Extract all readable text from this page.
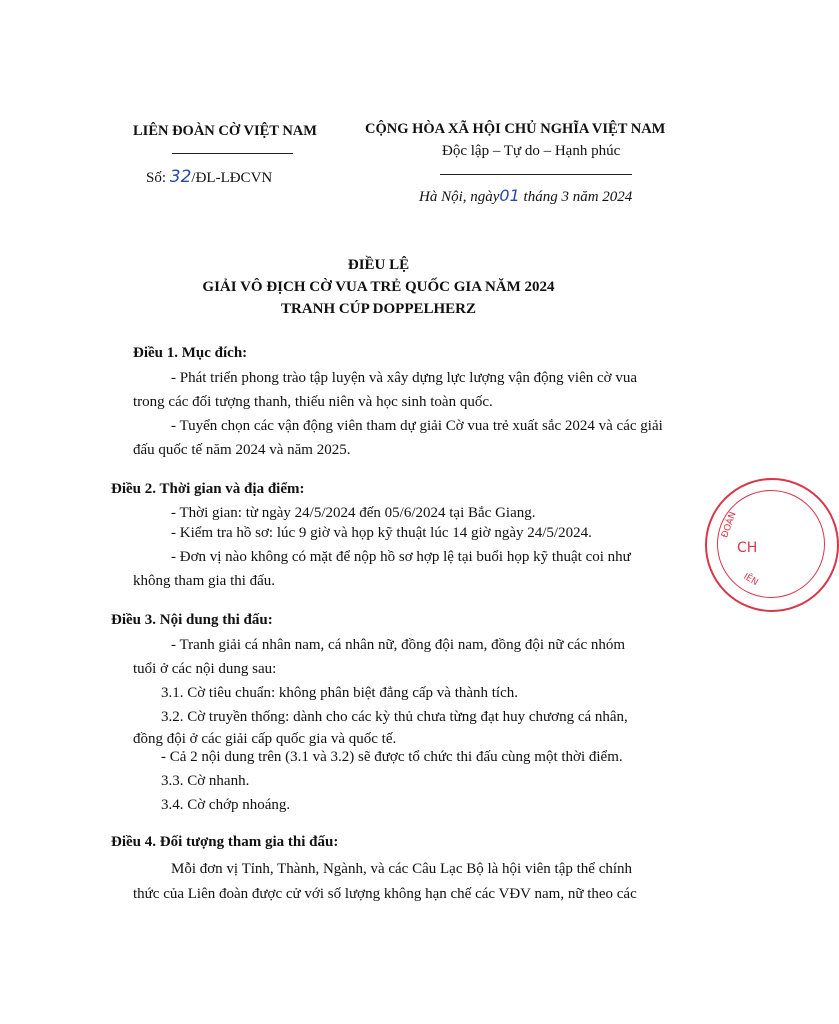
LIÊN ĐOÀN CỜ VIỆT NAM
Số: 32/ĐL-LĐCVN
CỘNG HÒA XÃ HỘI CHỦ NGHĨA VIỆT NAM
Độc lập – Tự do – Hạnh phúc
Hà Nội, ngày01 tháng 3 năm 2024
ĐIỀU LỆ
GIẢI VÔ ĐỊCH CỜ VUA TRẺ QUỐC GIA NĂM 2024
TRANH CÚP DOPPELHERZ
Điều 1. Mục đích:
- Phát triển phong trào tập luyện và xây dựng lực lượng vận động viên cờ vua
trong các đối tượng thanh, thiếu niên và học sinh toàn quốc.
- Tuyển chọn các vận động viên tham dự giải Cờ vua trẻ xuất sắc 2024 và các giải
đấu quốc tế năm 2024 và năm 2025.
Điều 2. Thời gian và địa điểm:
- Thời gian: từ ngày 24/5/2024 đến 05/6/2024 tại Bắc Giang.
- Kiểm tra hồ sơ: lúc 9 giờ và họp kỹ thuật lúc 14 giờ ngày 24/5/2024.
- Đơn vị nào không có mặt để nộp hồ sơ hợp lệ tại buổi họp kỹ thuật coi như
không tham gia thi đấu.
Điều 3. Nội dung thi đấu:
- Tranh giải cá nhân nam, cá nhân nữ, đồng đội nam, đồng đội nữ các nhóm
tuổi ở các nội dung sau:
3.1. Cờ tiêu chuẩn: không phân biệt đẳng cấp và thành tích.
3.2. Cờ truyền thống: dành cho các kỳ thủ chưa từng đạt huy chương cá nhân,
đồng đội ở các giải cấp quốc gia và quốc tế.
- Cả 2 nội dung trên (3.1 và 3.2) sẽ được tổ chức thi đấu cùng một thời điểm.
3.3. Cờ nhanh.
3.4. Cờ chớp nhoáng.
Điều 4. Đối tượng tham gia thi đấu:
Mỗi đơn vị Tỉnh, Thành, Ngành, và các Câu Lạc Bộ là hội viên tập thể chính
thức của Liên đoàn được cử với số lượng không hạn chế các VĐV nam, nữ theo các
ĐOÀN
CH
IÊN
